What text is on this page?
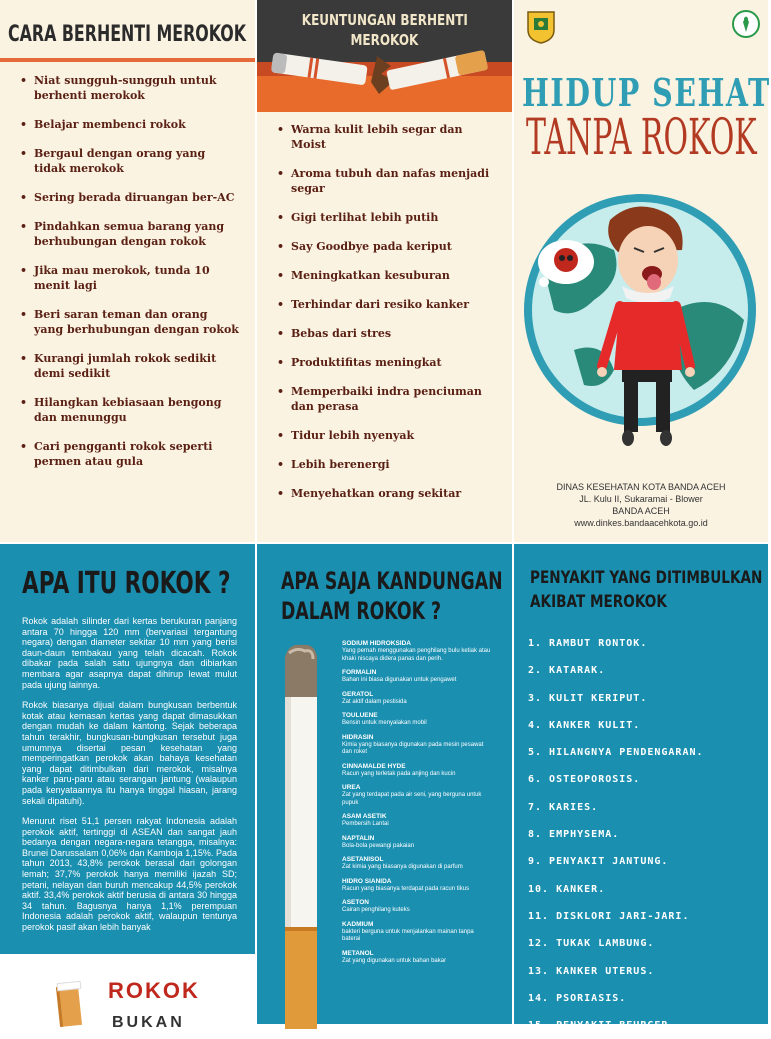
CARA BERHENTI MEROKOK
• Niat sungguh-sungguh untuk berhenti merokok
• Belajar membenci rokok
• Bergaul dengan orang yang tidak merokok
• Sering berada diruangan ber-AC
• Pindahkan semua barang yang berhubungan dengan rokok
• Jika mau merokok, tunda 10 menit lagi
• Beri saran teman dan orang yang berhubungan dengan rokok
• Kurangi jumlah rokok sedikit demi sedikit
• Hilangkan kebiasaan bengong dan menunggu
• Cari pengganti rokok seperti permen atau gula
KEUNTUNGAN BERHENTI
MEROKOK
• Warna kulit lebih segar dan Moist
• Aroma tubuh dan nafas menjadi segar
• Gigi terlihat lebih putih
• Say Goodbye pada keriput
• Meningkatkan kesuburan
• Terhindar dari resiko kanker
• Bebas dari stres
• Produktifitas meningkat
• Memperbaiki indra penciuman dan perasa
• Tidur lebih nyenyak
• Lebih berenergi
• Menyehatkan orang sekitar
HIDUP SEHAT
TANPA ROKOK
DINAS KESEHATAN KOTA BANDA ACEH
JL. Kulu II, Sukaramai - Blower
BANDA ACEH
www.dinkes.bandaacehkota.go.id
APA ITU ROKOK ?

Rokok adalah silinder dari kertas berukuran panjang antara 70 hingga 120 mm (bervariasi tergantung negara) dengan diameter sekitar 10 mm yang berisi daun-daun tembakau yang telah dicacah. Rokok dibakar pada salah satu ujungnya dan dibiarkan membara agar asapnya dapat dihirup lewat mulut pada ujung lainnya.

Rokok biasanya dijual dalam bungkusan berbentuk kotak atau kemasan kertas yang dapat dimasukkan dengan mudah ke dalam kantong. Sejak beberapa tahun terakhir, bungkusan-bungkusan tersebut juga umumnya disertai pesan kesehatan yang memperingatkan perokok akan bahaya kesehatan yang dapat ditimbulkan dari merokok, misalnya kanker paru-paru atau serangan jantung (walaupun pada kenyataannya itu hanya tinggal hiasan, jarang sekali dipatuhi).

Menurut riset 51,1 persen rakyat Indonesia adalah perokok aktif, tertinggi di ASEAN dan sangat jauh bedanya dengan negara-negara tetangga, misalnya: Brunei Darussalam 0,06% dan Kamboja 1,15%. Pada tahun 2013, 43,8% perokok berasal dari golongan lemah; 37,7% perokok hanya memiliki ijazah SD; petani, nelayan dan buruh mencakup 44,5% perokok aktif. 33,4% perokok aktif berusia di antara 30 hingga 34 tahun. Bagusnya hanya 1,1% perempuan Indonesia adalah perokok aktif, walaupun tentunya perokok pasif akan lebih banyak

ROKOK
BUKAN
APA SAJA KANDUNGAN
DALAM ROKOK ?
SODIUM HIDROKSIDA
Yang pernah menggunakan penghilang bulu ketiak atau khaki niscaya didera panas dan perih.
FORMALIN
Bahan ini biasa digunakan untuk pengawet
GERATOL
Zat aktif dalam pestisida
TOULUENE
Bensin untuk menyalakan mobil
HIDRASIN
Kimia yang biasanya digunakan pada mesin pesawat dan roket
CINNAMALDE HYDE
Racun yang terletak pada anjing dan kucin
UREA
Zat yang terdapat pada air seni, yang berguna untuk pupuk
ASAM ASETIK
Pembersih Lantai
NAPTALIN
Bola-bola pewangi pakaian
ASETANISOL
Zat kimia yang biasanya digunakan di parfum
HIDRO SIANIDA
Racun yang biasanya terdapat pada racun tikus
ASETON
Cairan penghilang kuteks
KADMIUM
bakteri berguna untuk menjalankan mainan tanpa baterai
METANOL
Zat yang digunakan untuk bahan bakar
PENYAKIT YANG DITIMBULKAN
AKIBAT MEROKOK
1. RAMBUT RONTOK.
2. KATARAK.
3. KULIT KERIPUT.
4. KANKER KULIT.
5. HILANGNYA PENDENGARAN.
6. OSTEOPOROSIS.
7. KARIES.
8. EMPHYSEMA.
9. PENYAKIT JANTUNG.
10. KANKER.
11. DISKLORI JARI-JARI.
12. TUKAK LAMBUNG.
13. KANKER UTERUS.
14. PSORIASIS.
15. PENYAKIT BEURGER.
